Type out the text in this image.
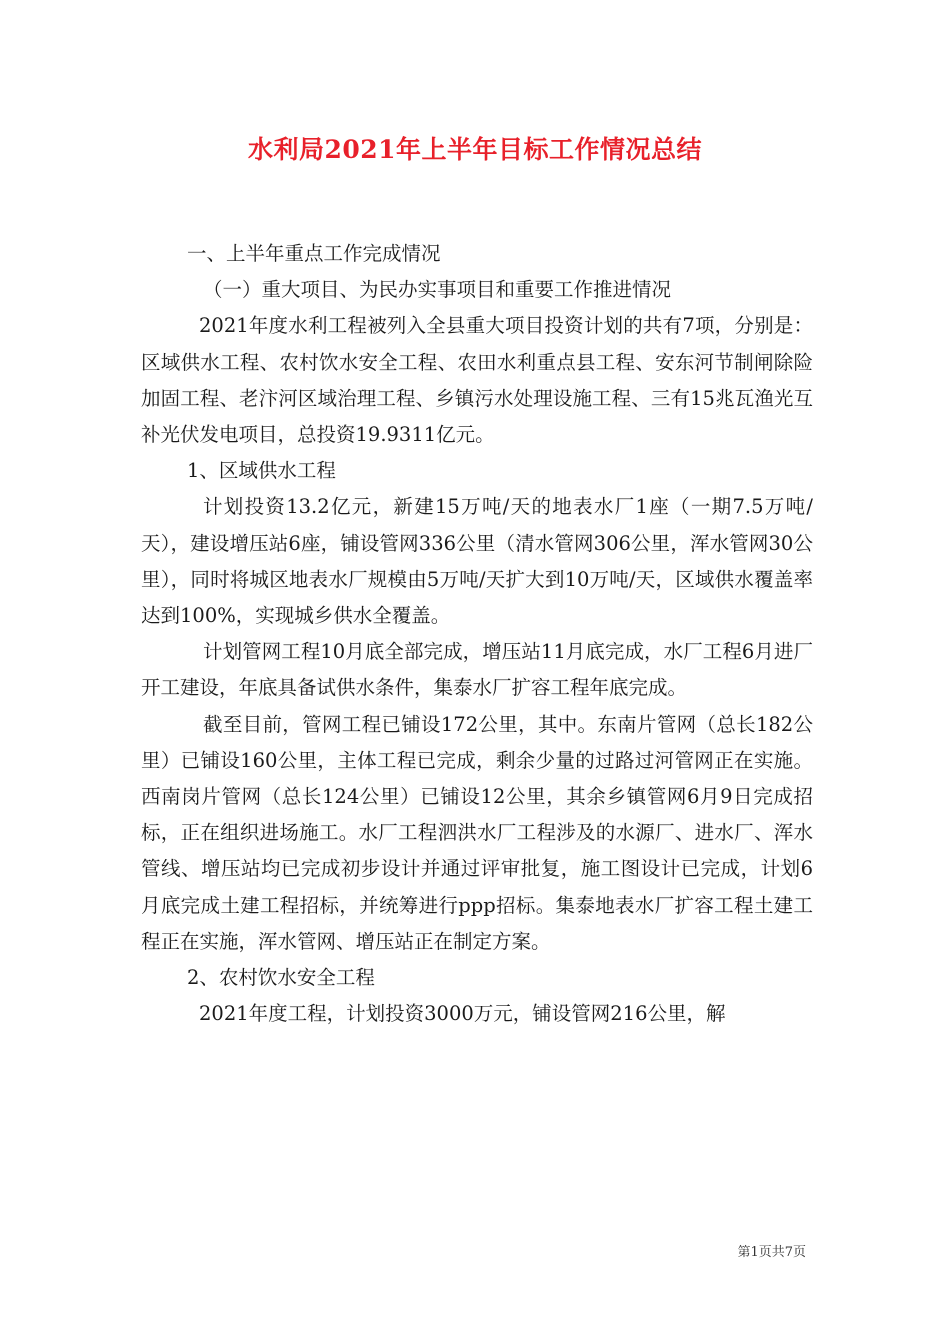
水利局2021年上半年目标工作情况总结

一、上半年重点工作完成情况

（一）重大项目、为民办实事项目和重要工作推进情况

2021年度水利工程被列入全县重大项目投资计划的共有7项，分别是：区域供水工程、农村饮水安全工程、农田水利重点县工程、安东河节制闸除险加固工程、老汴河区域治理工程、乡镇污水处理设施工程、三有15兆瓦渔光互补光伏发电项目，总投资19.9311亿元。

1、区域供水工程

计划投资13.2亿元，新建15万吨/天的地表水厂1座（一期7.5万吨/天），建设增压站6座，铺设管网336公里（清水管网306公里，浑水管网30公里），同时将城区地表水厂规模由5万吨/天扩大到10万吨/天，区域供水覆盖率达到100%，实现城乡供水全覆盖。

计划管网工程10月底全部完成，增压站11月底完成，水厂工程6月进厂开工建设，年底具备试供水条件，集泰水厂扩容工程年底完成。

截至目前，管网工程已铺设172公里，其中。东南片管网（总长182公里）已铺设160公里，主体工程已完成，剩余少量的过路过河管网正在实施。西南岗片管网（总长124公里）已铺设12公里，其余乡镇管网6月9日完成招标，正在组织进场施工。水厂工程泗洪水厂工程涉及的水源厂、进水厂、浑水管线、增压站均已完成初步设计并通过评审批复，施工图设计已完成，计划6月底完成土建工程招标，并统筹进行ppp招标。集泰地表水厂扩容工程土建工程正在实施，浑水管网、增压站正在制定方案。

2、农村饮水安全工程

2021年度工程，计划投资3000万元，铺设管网216公里，解

第1页共7页
